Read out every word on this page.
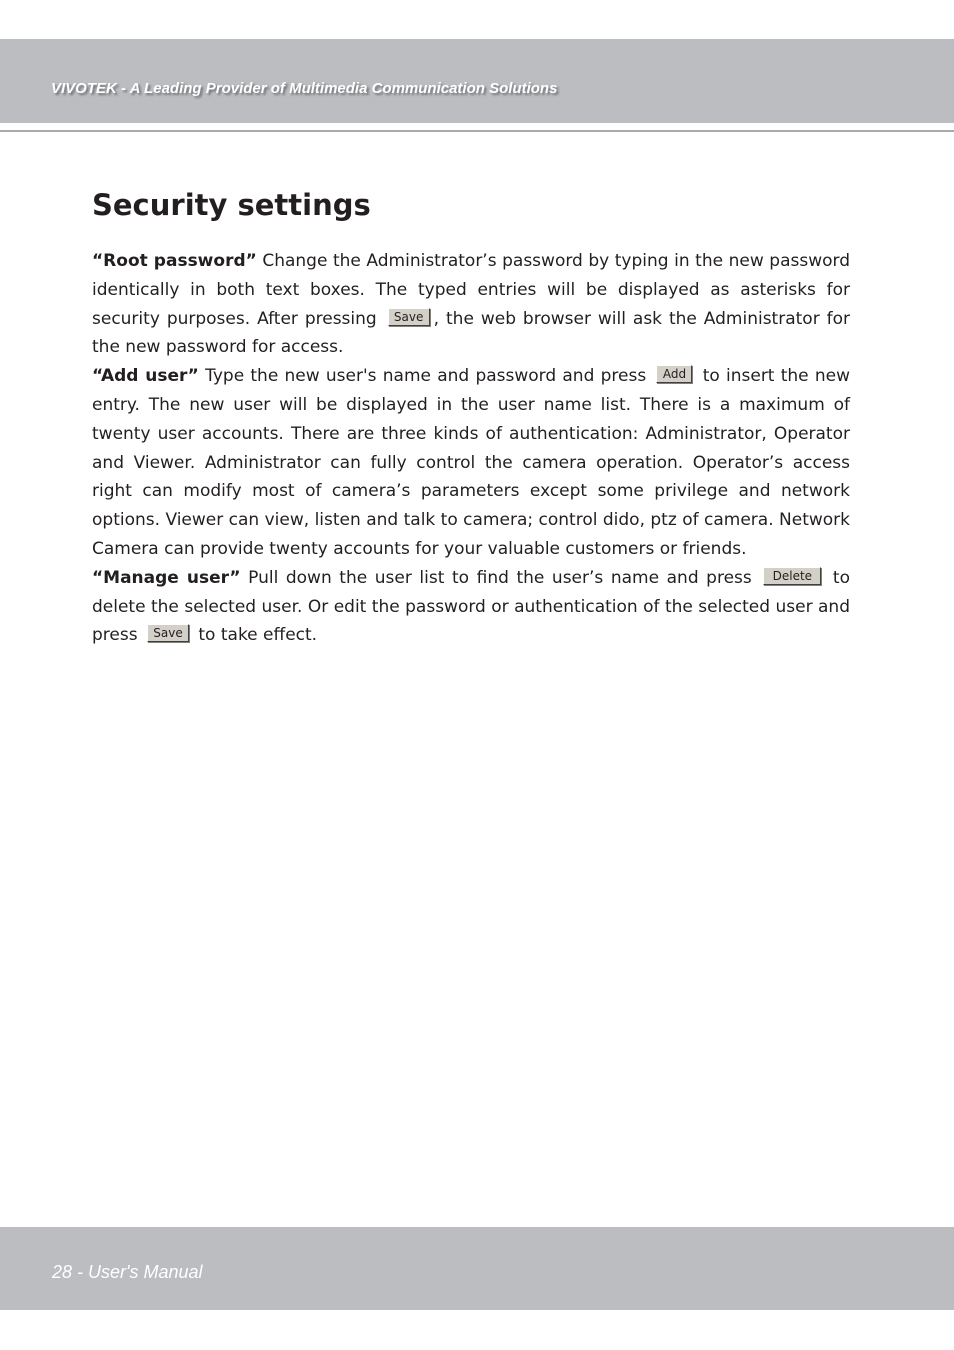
VIVOTEK - A Leading Provider of Multimedia Communication Solutions
Security settings

“Root password” Change the Administrator’s password by typing in the new password identically in both text boxes. The typed entries will be displayed as asterisks for security purposes. After pressing Save , the web browser will ask the Administrator for the new password for access.

“Add user” Type the new user's name and password and press Add to insert the new entry. The new user will be displayed in the user name list. There is a maximum of twenty user accounts. There are three kinds of authentication: Administrator, Operator and Viewer. Administrator can fully control the camera operation. Operator’s access right can modify most of camera’s parameters except some privilege and network options. Viewer can view, listen and talk to camera; control dido, ptz of camera. Network Camera can provide twenty accounts for your valuable customers or friends.

“Manage user” Pull down the user list to find the user’s name and press Delete to delete the selected user. Or edit the password or authentication of the selected user and press Save to take effect.

28 - User's Manual
